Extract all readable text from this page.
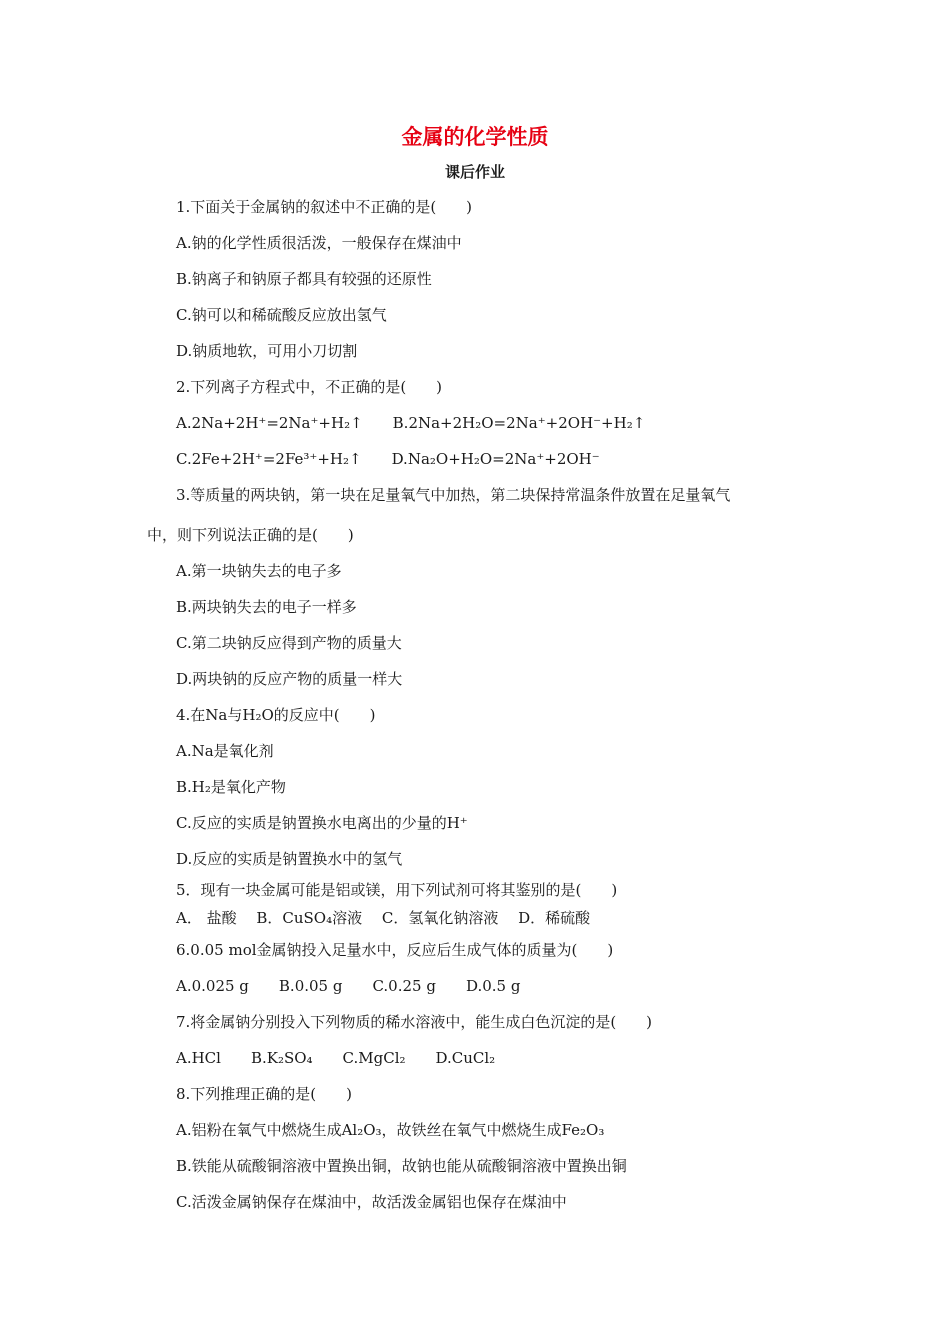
金属的化学性质
课后作业
1.下面关于金属钠的叙述中不正确的是(　　)
A.钠的化学性质很活泼，一般保存在煤油中
B.钠离子和钠原子都具有较强的还原性
C.钠可以和稀硫酸反应放出氢气
D.钠质地软，可用小刀切割
2.下列离子方程式中，不正确的是(　　)
A.2Na+2H⁺=2Na⁺+H₂↑　　B.2Na+2H₂O=2Na⁺+2OH⁻+H₂↑
C.2Fe+2H⁺=2Fe³⁺+H₂↑　　D.Na₂O+H₂O=2Na⁺+2OH⁻
3.等质量的两块钠，第一块在足量氧气中加热，第二块保持常温条件放置在足量氧气
中，则下列说法正确的是(　　)
A.第一块钠失去的电子多
B.两块钠失去的电子一样多
C.第二块钠反应得到产物的质量大
D.两块钠的反应产物的质量一样大
4.在Na与H₂O的反应中(　　)
A.Na是氧化剂
B.H₂是氧化产物
C.反应的实质是钠置换水电离出的少量的H⁺
D.反应的实质是钠置换水中的氢气
5．现有一块金属可能是铝或镁，用下列试剂可将其鉴别的是(　　)
A． 盐酸　 B．CuSO₄溶液　 C．氢氧化钠溶液　 D．稀硫酸
6.0.05 mol金属钠投入足量水中，反应后生成气体的质量为(　　)
A.0.025 g　　B.0.05 g　　C.0.25 g　　D.0.5 g
7.将金属钠分别投入下列物质的稀水溶液中，能生成白色沉淀的是(　　)
A.HCl　　B.K₂SO₄　　C.MgCl₂　　D.CuCl₂
8.下列推理正确的是(　　)
A.铝粉在氧气中燃烧生成Al₂O₃，故铁丝在氧气中燃烧生成Fe₂O₃
B.铁能从硫酸铜溶液中置换出铜，故钠也能从硫酸铜溶液中置换出铜
C.活泼金属钠保存在煤油中，故活泼金属铝也保存在煤油中
